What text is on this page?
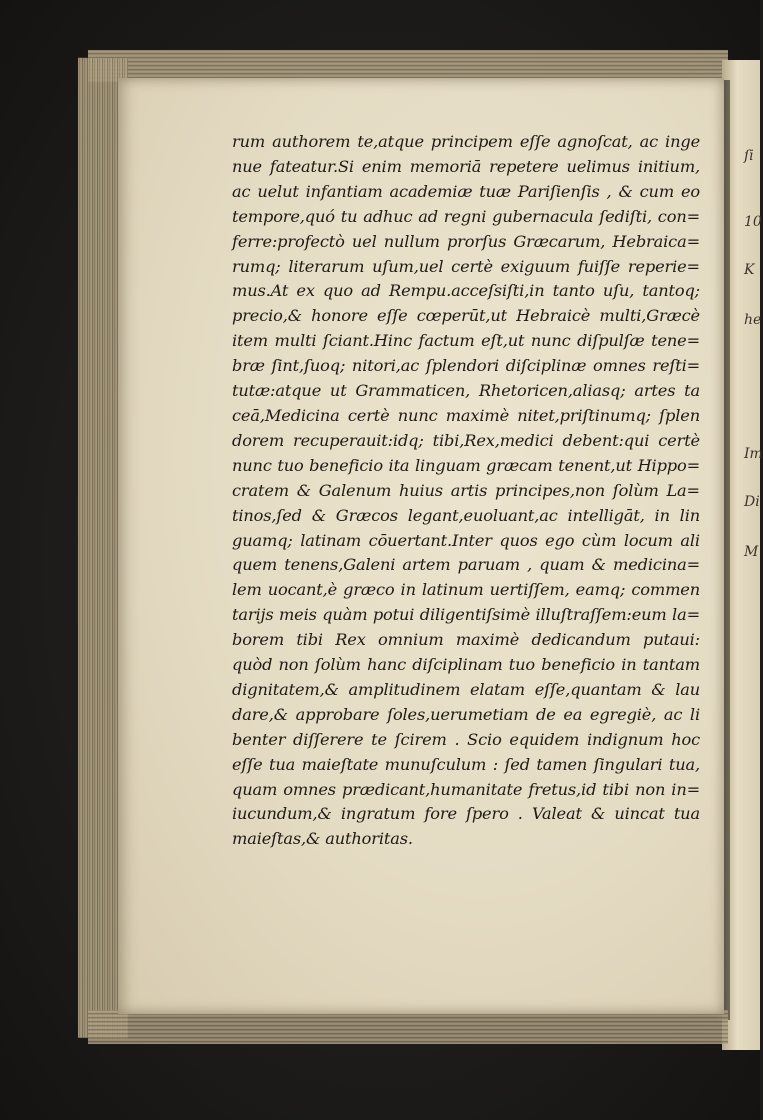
rum authorem te,atque principem eſſe agnoſcat, ac inge
nue fateatur.Si enim memoriā repetere uelimus initium,
ac uelut infantiam academiæ tuæ Pariſienſis , & cum eo
tempore,quó tu adhuc ad regni gubernacula ſediſti, con=
ferre:profectò uel nullum prorſus Græcarum, Hebraica=
rumq; literarum uſum,uel certè exiguum fuiſſe reperie=
mus.At ex quo ad Rempu.acceſsiſti,in tanto uſu, tantoq;
precio,& honore eſſe cœperūt,ut Hebraicè multi,Græcè
item multi ſciant.Hinc factum eſt,ut nunc diſpulſæ tene=
bræ ſint,ſuoq; nitori,ac ſplendori diſciplinæ omnes reſti=
tutæ:atque ut Grammaticen, Rhetoricen,aliasq; artes ta
ceā,Medicina certè nunc maximè nitet,priſtinumq; ſplen
dorem recuperauit:idq; tibi,Rex,medici debent:qui certè
nunc tuo beneficio ita linguam græcam tenent,ut Hippo=
cratem & Galenum huius artis principes,non ſolùm La=
tinos,ſed & Græcos legant,euoluant,ac intelligāt, in lin
guamq; latinam cōuertant.Inter quos ego cùm locum ali
quem tenens,Galeni artem paruam , quam & medicina=
lem uocant,è græco in latinum uertiſſem, eamq; commen
tarijs meis quàm potui diligentiſsimè illuſtraſſem:eum la=
borem tibi Rex omnium maximè dedicandum putaui:
quòd non ſolùm hanc diſciplinam tuo beneficio in tantam
dignitatem,& amplitudinem elatam eſſe,quantam & lau
dare,& approbare ſoles,uerumetiam de ea egregiè, ac li
benter diſſerere te ſcirem . Scio equidem indignum hoc
eſſe tua maieſtate munuſculum : ſed tamen ſingulari tua,
quam omnes prædicant,humanitate fretus,id tibi non in=
iucundum,& ingratum fore ſpero . Valeat & uincat tua
maieſtas,& authoritas.
ſi
10
K
he
Im
Di
M
